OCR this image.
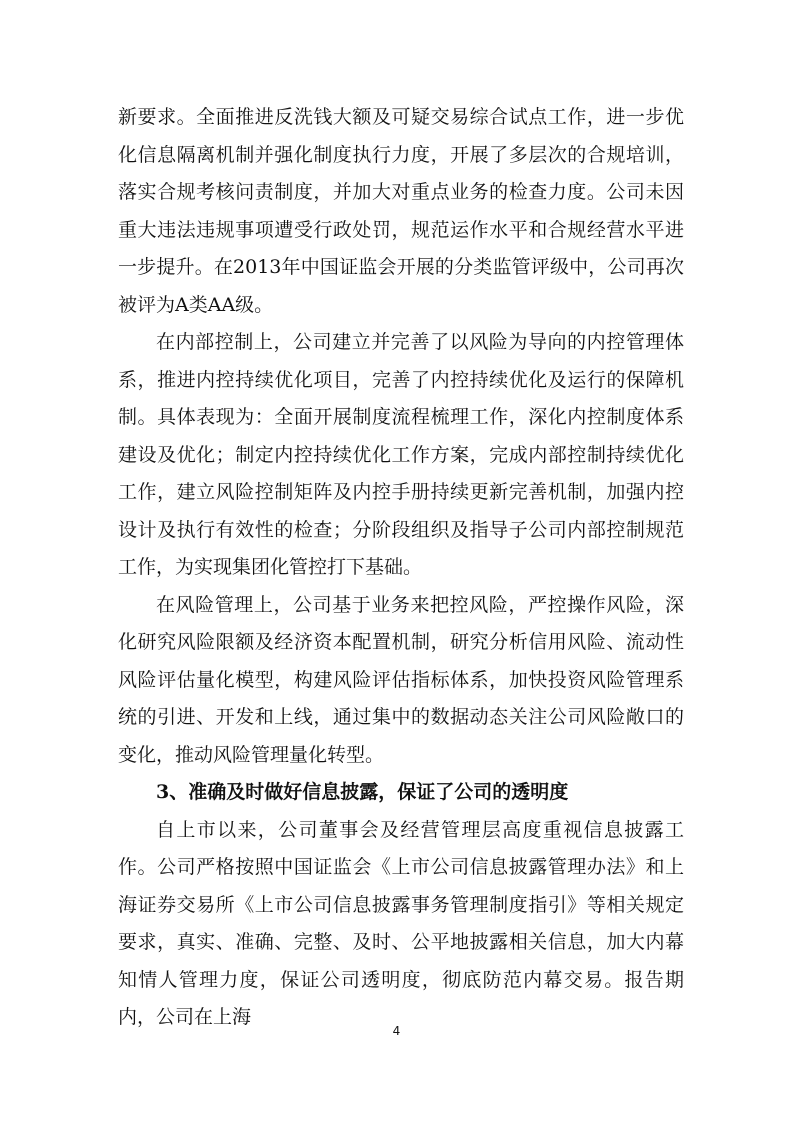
新要求。全面推进反洗钱大额及可疑交易综合试点工作，进一步优化信息隔离机制并强化制度执行力度，开展了多层次的合规培训，落实合规考核问责制度，并加大对重点业务的检查力度。公司未因重大违法违规事项遭受行政处罚，规范运作水平和合规经营水平进一步提升。在2013年中国证监会开展的分类监管评级中，公司再次被评为A类AA级。

在内部控制上，公司建立并完善了以风险为导向的内控管理体系，推进内控持续优化项目，完善了内控持续优化及运行的保障机制。具体表现为：全面开展制度流程梳理工作，深化内控制度体系建设及优化；制定内控持续优化工作方案，完成内部控制持续优化工作，建立风险控制矩阵及内控手册持续更新完善机制，加强内控设计及执行有效性的检查；分阶段组织及指导子公司内部控制规范工作，为实现集团化管控打下基础。

在风险管理上，公司基于业务来把控风险，严控操作风险，深化研究风险限额及经济资本配置机制，研究分析信用风险、流动性风险评估量化模型，构建风险评估指标体系，加快投资风险管理系统的引进、开发和上线，通过集中的数据动态关注公司风险敞口的变化，推动风险管理量化转型。

3、准确及时做好信息披露，保证了公司的透明度

自上市以来，公司董事会及经营管理层高度重视信息披露工作。公司严格按照中国证监会《上市公司信息披露管理办法》和上海证券交易所《上市公司信息披露事务管理制度指引》等相关规定要求，真实、准确、完整、及时、公平地披露相关信息，加大内幕知情人管理力度，保证公司透明度，彻底防范内幕交易。报告期内，公司在上海

4
